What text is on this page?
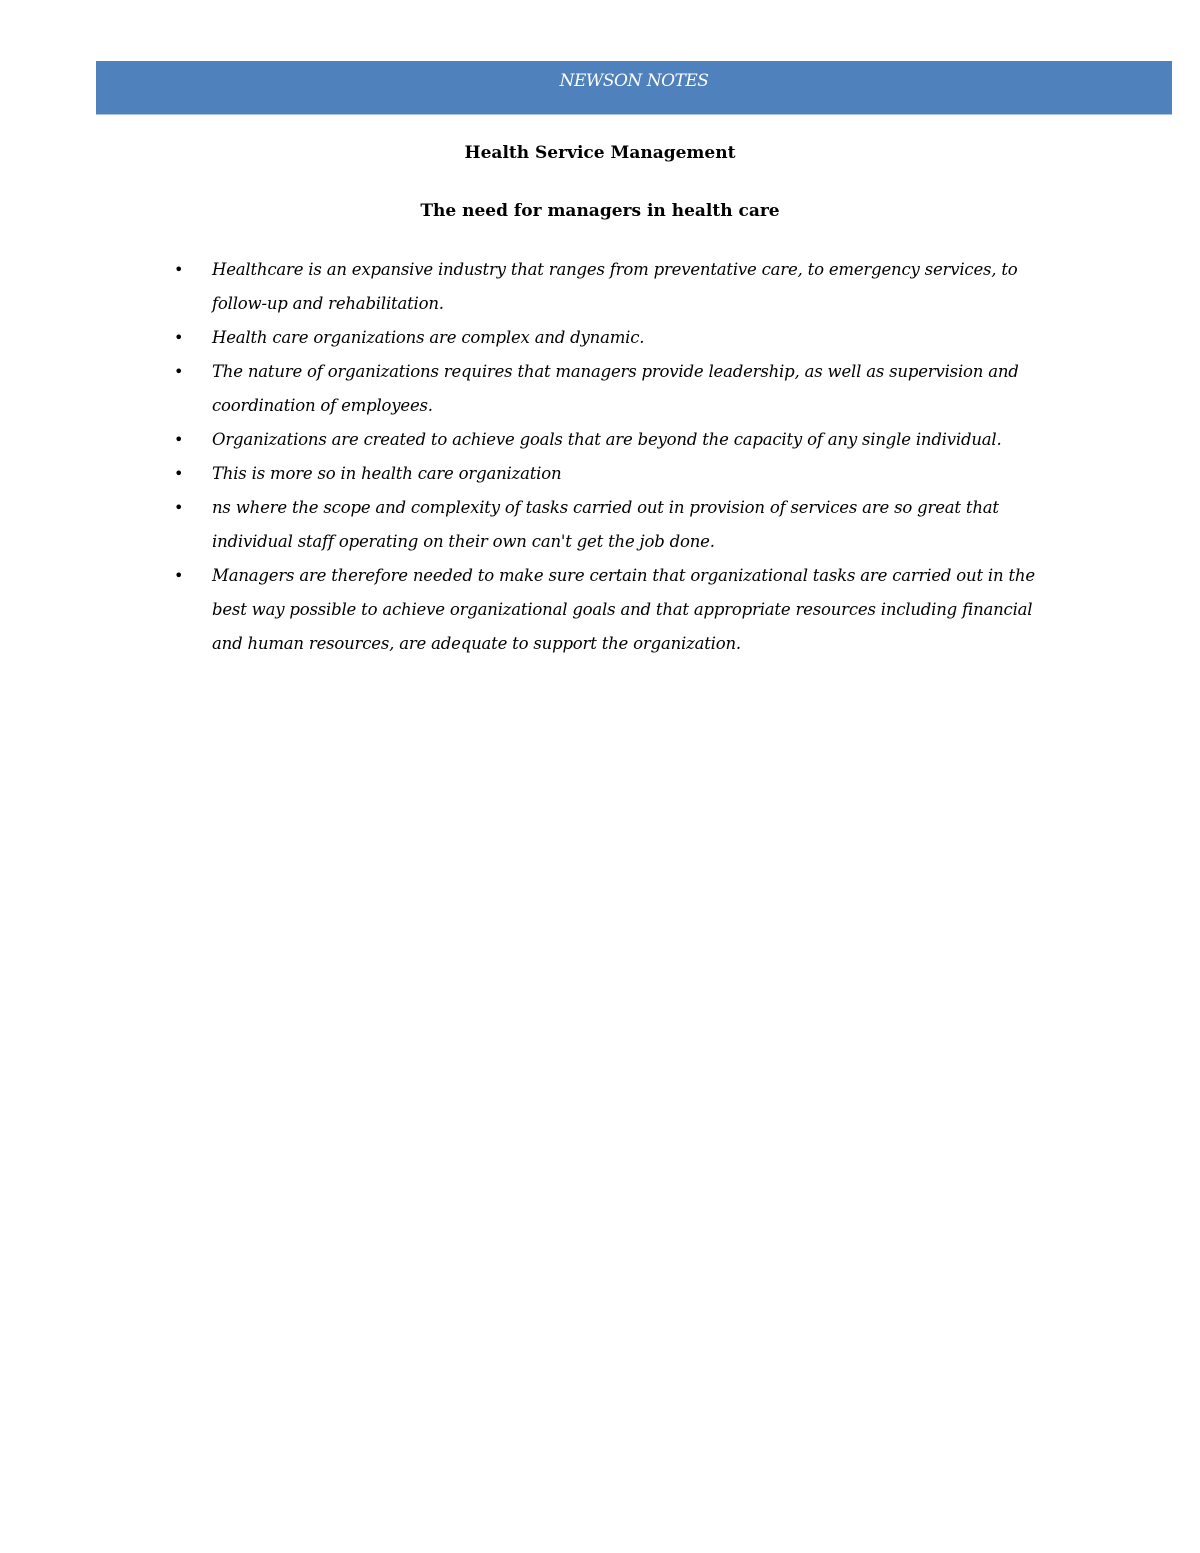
NEWSON NOTES
Health Service Management
The need for managers in health care
• Healthcare is an expansive industry that ranges from preventative care, to emergency services, to follow-up and rehabilitation.
• Health care organizations are complex and dynamic.
• The nature of organizations requires that managers provide leadership, as well as supervision and coordination of employees.
• Organizations are created to achieve goals that are beyond the capacity of any single individual.
• This is more so in health care organization
• ns where the scope and complexity of tasks carried out in provision of services are so great that individual staff operating on their own can't get the job done.
• Managers are therefore needed to make sure certain that organizational tasks are carried out in the best way possible to achieve organizational goals and that appropriate resources including financial and human resources, are adequate to support the organization.
